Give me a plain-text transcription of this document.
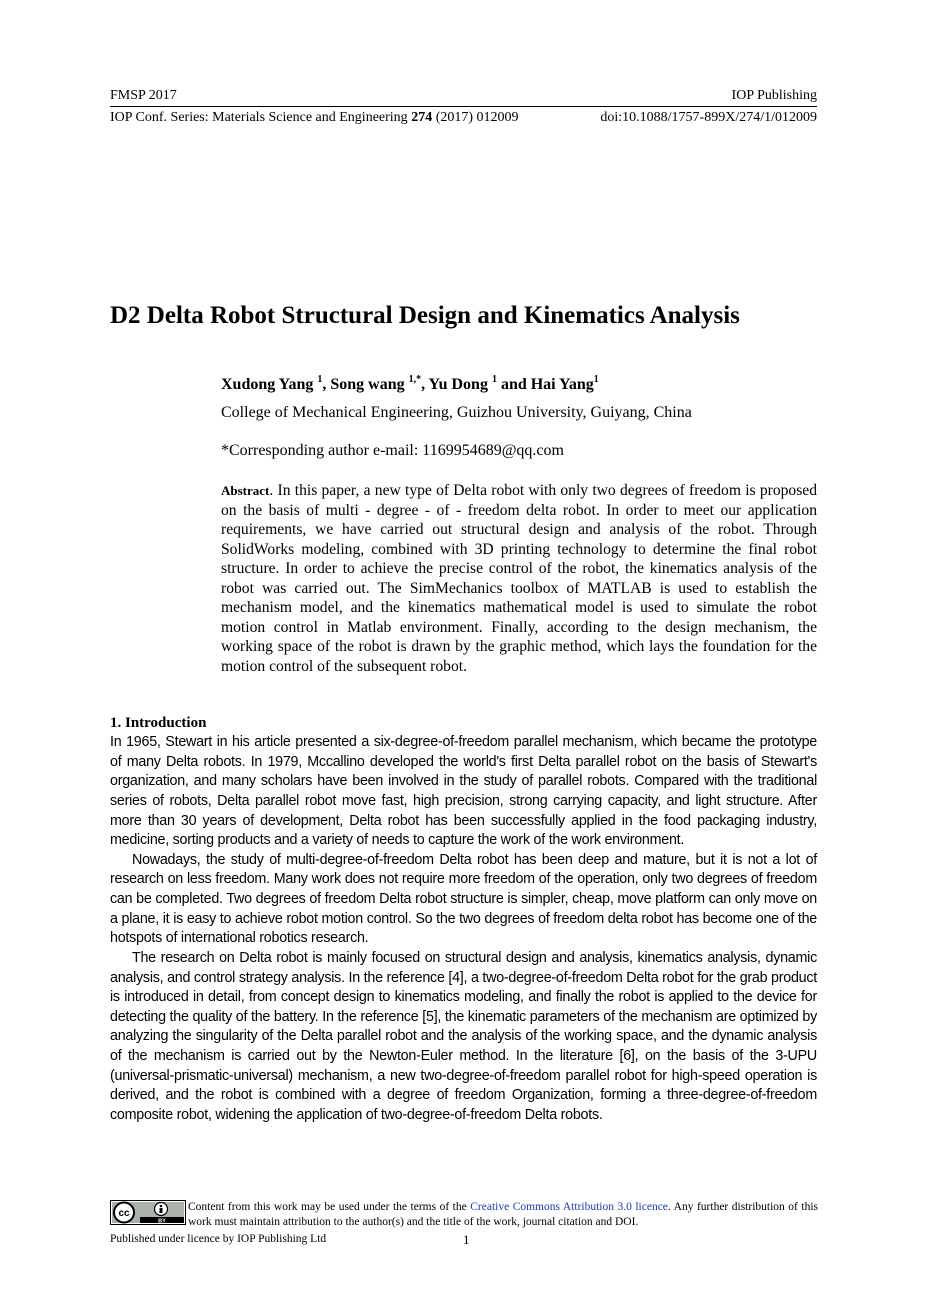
FMSP 2017	IOP Publishing
IOP Conf. Series: Materials Science and Engineering 274 (2017) 012009	doi:10.1088/1757-899X/274/1/012009
D2 Delta Robot Structural Design and Kinematics Analysis
Xudong Yang $^1$, Song wang $^{1,*}$, Yu Dong $^1$ and Hai Yang$^1$
College of Mechanical Engineering, Guizhou University, Guiyang, China
*Corresponding author e-mail: 1169954689@qq.com
Abstract. In this paper, a new type of Delta robot with only two degrees of freedom is proposed on the basis of multi - degree - of - freedom delta robot. In order to meet our application requirements, we have carried out structural design and analysis of the robot. Through SolidWorks modeling, combined with 3D printing technology to determine the final robot structure. In order to achieve the precise control of the robot, the kinematics analysis of the robot was carried out. The SimMechanics toolbox of MATLAB is used to establish the mechanism model, and the kinematics mathematical model is used to simulate the robot motion control in Matlab environment. Finally, according to the design mechanism, the working space of the robot is drawn by the graphic method, which lays the foundation for the motion control of the subsequent robot.
1. Introduction

In 1965, Stewart in his article presented a six-degree-of-freedom parallel mechanism, which became the prototype of many Delta robots. In 1979, Mccallino developed the world's first Delta parallel robot on the basis of Stewart's organization, and many scholars have been involved in the study of parallel robots. Compared with the traditional series of robots, Delta parallel robot move fast, high precision, strong carrying capacity, and light structure. After more than 30 years of development, Delta robot has been successfully applied in the food packaging industry, medicine, sorting products and a variety of needs to capture the work of the work environment.

Nowadays, the study of multi-degree-of-freedom Delta robot has been deep and mature, but it is not a lot of research on less freedom. Many work does not require more freedom of the operation, only two degrees of freedom can be completed. Two degrees of freedom Delta robot structure is simpler, cheap, move platform can only move on a plane, it is easy to achieve robot motion control. So the two degrees of freedom delta robot has become one of the hotspots of international robotics research.

The research on Delta robot is mainly focused on structural design and analysis, kinematics analysis, dynamic analysis, and control strategy analysis. In the reference [4], a two-degree-of-freedom Delta robot for the grab product is introduced in detail, from concept design to kinematics modeling, and finally the robot is applied to the device for detecting the quality of the battery. In the reference [5], the kinematic parameters of the mechanism are optimized by analyzing the singularity of the Delta parallel robot and the analysis of the working space, and the dynamic analysis of the mechanism is carried out by the Newton-Euler method. In the literature [6], on the basis of the 3-UPU (universal-prismatic-universal) mechanism, a new two-degree-of-freedom parallel robot for high-speed operation is derived, and the robot is combined with a degree of freedom Organization, forming a three-degree-of-freedom composite robot, widening the application of two-degree-of-freedom Delta robots.

cc
BY
Content from this work may be used under the terms of the Creative Commons Attribution 3.0 licence. Any further distribution of this work must maintain attribution to the author(s) and the title of the work, journal citation and DOI.
Published under licence by IOP Publishing Ltd	1
